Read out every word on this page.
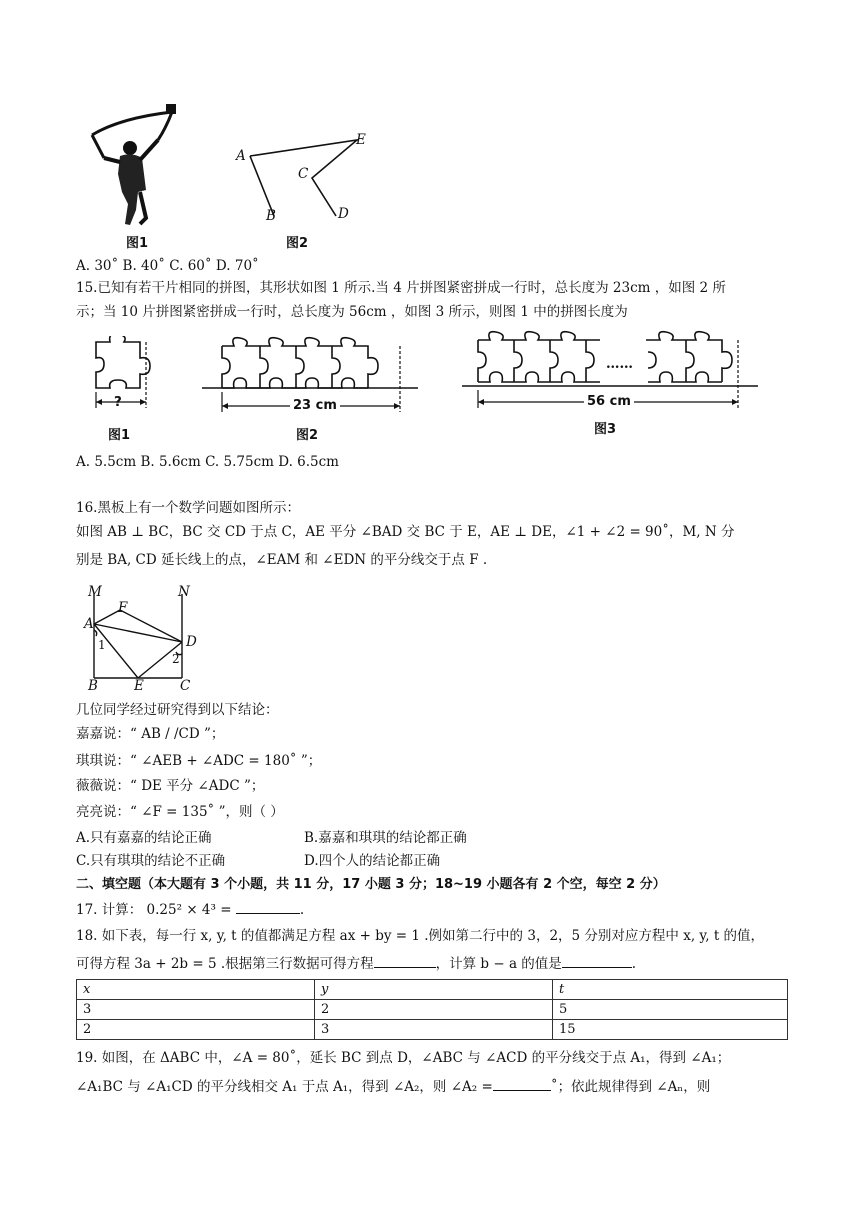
图1
A
B
C
D
E
图2
A. 30˚ B. 40˚ C. 60˚ D. 70˚
15.已知有若干片相同的拼图，其形状如图 1 所示.当 4 片拼图紧密拼成一行时，总长度为 23cm ，如图 2 所
示；当 10 片拼图紧密拼成一行时，总长度为 56cm ，如图 3 所示，则图 1 中的拼图长度为
?
图1
23 cm
图2
……
56 cm
图3
A. 5.5cm B. 5.6cm C. 5.75cm D. 6.5cm
16.黑板上有一个数学问题如图所示：
如图 AB ⊥ BC，BC 交 CD 于点 C，AE 平分 ∠BAD 交 BC 于 E，AE ⊥ DE，∠1 + ∠2 = 90˚，M, N 分
别是 BA, CD 延长线上的点，∠EAM 和 ∠EDN 的平分线交于点 F .
M	N
F
A
D
1
2
B	E	C
几位同学经过研究得到以下结论：
嘉嘉说：“ AB / /CD ”；
琪琪说：“ ∠AEB + ∠ADC = 180˚ ”；
薇薇说：“ DE 平分 ∠ADC ”；
亮亮说：“ ∠F = 135˚ ”，则（ ）
A.只有嘉嘉的结论正确	B.嘉嘉和琪琪的结论都正确
C.只有琪琪的结论不正确	D.四个人的结论都正确
二、填空题（本大题有 3 个小题，共 11 分，17 小题 3 分；18~19 小题各有 2 个空，每空 2 分）
17. 计算： 0.25² × 4³ =	.
18. 如下表，每一行 x, y, t 的值都满足方程 ax + by = 1 .例如第二行中的 3，2，5 分别对应方程中 x, y, t 的值，
可得方程 3a + 2b = 5 .根据第三行数据可得方程	，计算 b − a 的值是	.
x	y	t
3	2	5
2	3	15
19. 如图，在 ΔABC 中，∠A = 80˚，延长 BC 到点 D，∠ABC 与 ∠ACD 的平分线交于点 A₁，得到 ∠A₁；
∠A₁BC 与 ∠A₁CD 的平分线相交 A₁ 于点 A₁，得到 ∠A₂，则 ∠A₂ =	˚；依此规律得到 ∠Aₙ，则
